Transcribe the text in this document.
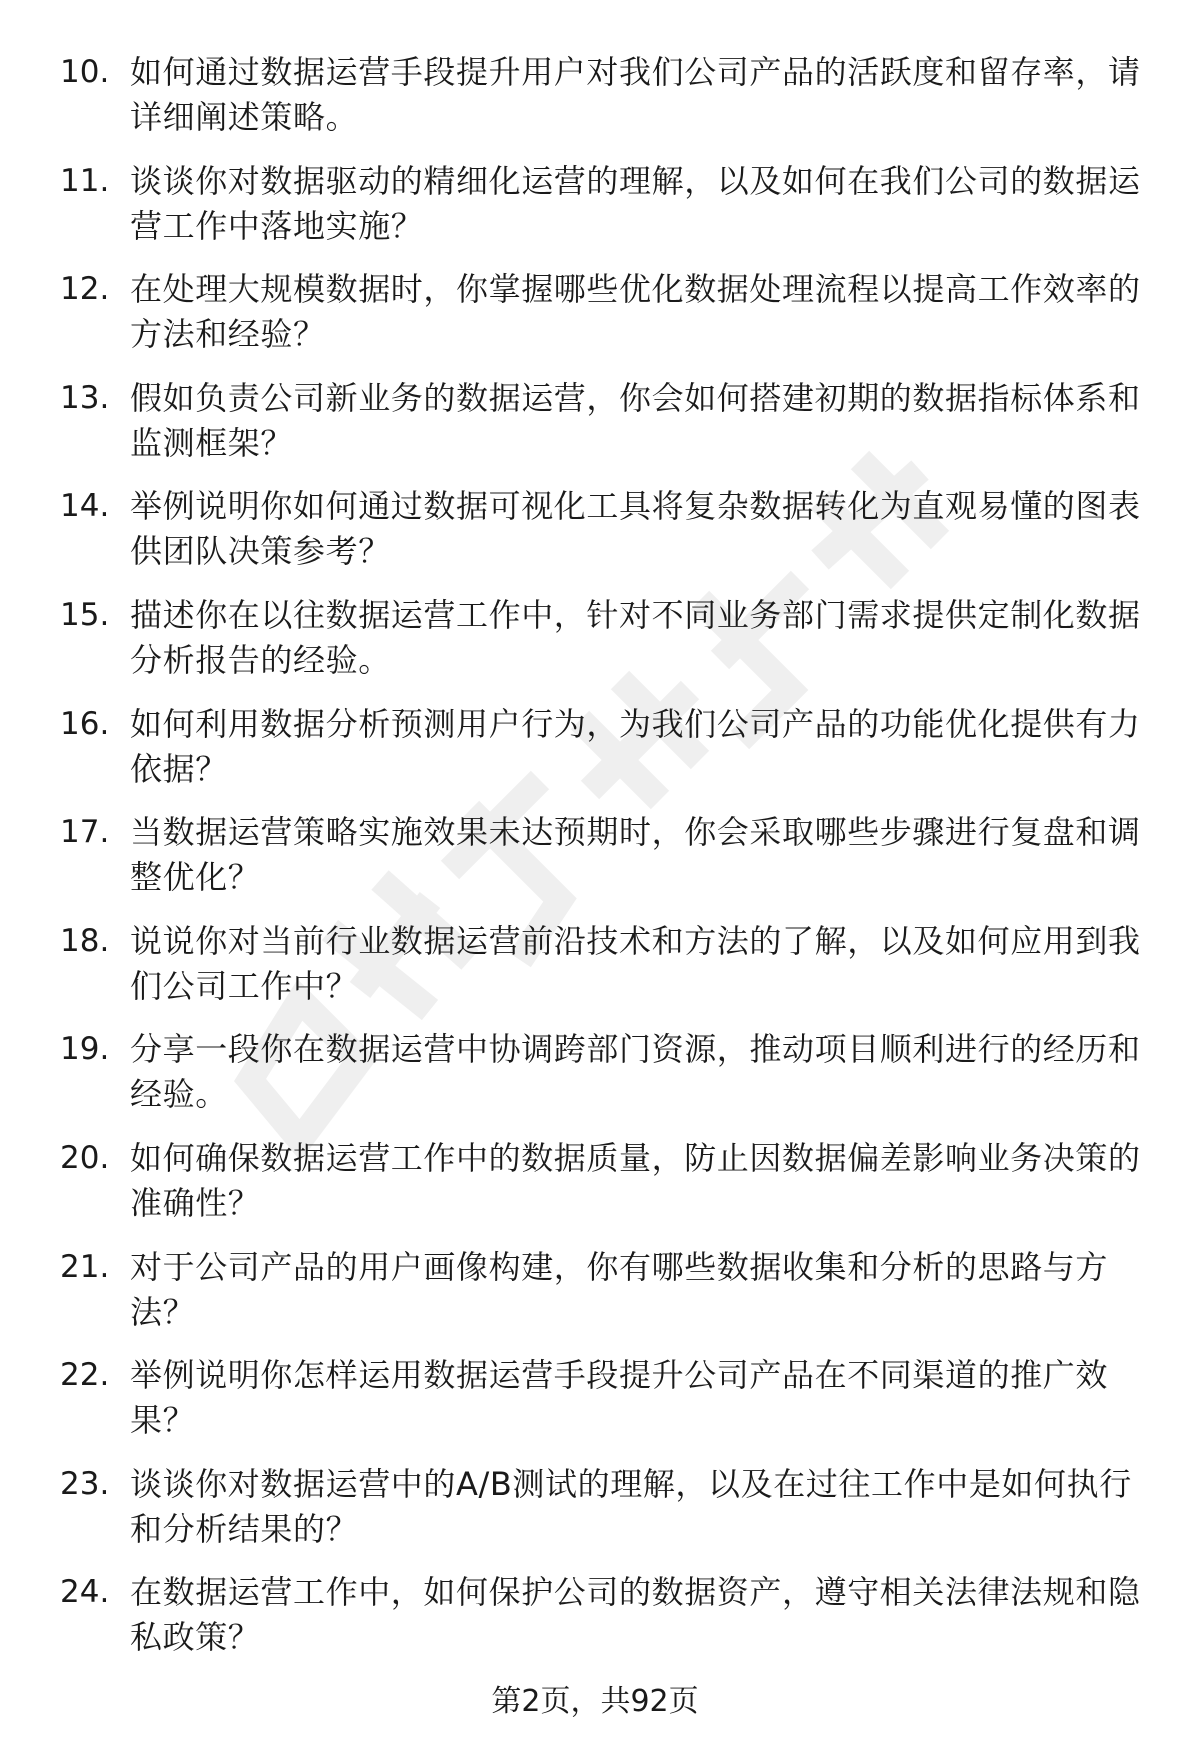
10. 如何通过数据运营手段提升用户对我们公司产品的活跃度和留存率，请详细阐述策略。
11. 谈谈你对数据驱动的精细化运营的理解，以及如何在我们公司的数据运营工作中落地实施？
12. 在处理大规模数据时，你掌握哪些优化数据处理流程以提高工作效率的方法和经验？
13. 假如负责公司新业务的数据运营，你会如何搭建初期的数据指标体系和监测框架？
14. 举例说明你如何通过数据可视化工具将复杂数据转化为直观易懂的图表供团队决策参考？
15. 描述你在以往数据运营工作中，针对不同业务部门需求提供定制化数据分析报告的经验。
16. 如何利用数据分析预测用户行为，为我们公司产品的功能优化提供有力依据？
17. 当数据运营策略实施效果未达预期时，你会采取哪些步骤进行复盘和调整优化？
18. 说说你对当前行业数据运营前沿技术和方法的了解，以及如何应用到我们公司工作中？
19. 分享一段你在数据运营中协调跨部门资源，推动项目顺利进行的经历和经验。
20. 如何确保数据运营工作中的数据质量，防止因数据偏差影响业务决策的准确性？
21. 对于公司产品的用户画像构建，你有哪些数据收集和分析的思路与方法？
22. 举例说明你怎样运用数据运营手段提升公司产品在不同渠道的推广效果？
23. 谈谈你对数据运营中的A/B测试的理解，以及在过往工作中是如何执行和分析结果的？
24. 在数据运营工作中，如何保护公司的数据资产，遵守相关法律法规和隐私政策？
第2页，共92页
